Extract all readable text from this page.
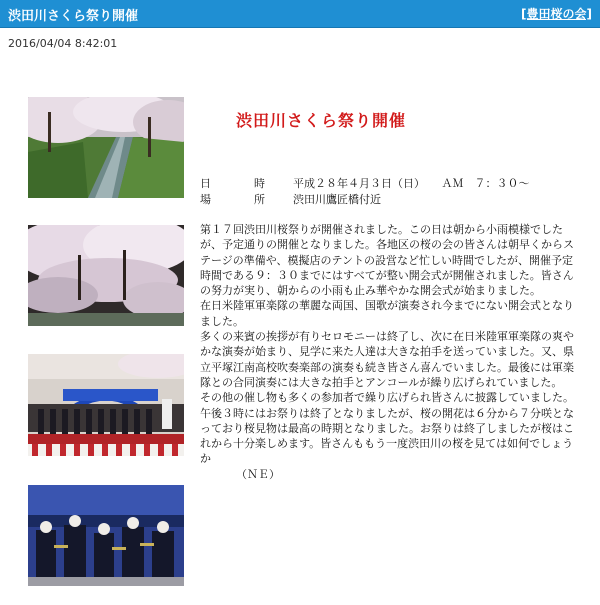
渋田川さくら祭り開催	[豊田桜の会]
2016/04/04 8:42:01
渋田川さくら祭り開催
日	時	平成２８年４月３日（日）　　ＡＭ　７：３０〜
場	所	渋田川鷹匠橋付近

第１７回渋田川桜祭りが開催されました。この日は朝から小雨模様でしたが、予定通りの開催となりました。各地区の桜の会の皆さんは朝早くからステージの準備や、模擬店のテントの設営など忙しい時間でしたが、開催予定時間である９：３０までにはすべてが整い開会式が開催されました。皆さんの努力が実り、朝からの小雨も止み華やかな開会式が始まりました。

在日米陸軍軍楽隊の華麗な両国、国歌が演奏され今までにない開会式となりました。

多くの来賓の挨拶が有りセロモニーは終了し、次に在日米陸軍軍楽隊の爽やかな演奏が始まり、見学に来た人達は大きな拍手を送っていました。又、県立平塚江南高校吹奏楽部の演奏も続き皆さん喜んでいました。最後には軍楽隊との合同演奏には大きな拍手とアンコールが繰り広げられていました。

その他の催し物も多くの参加者で繰り広げられ皆さんに披露していました。

午後３時にはお祭りは終了となりましたが、桜の開花は６分から７分咲となっており桜見物は最高の時期となりました。お祭りは終了しましたが桜はこれから十分楽しめます。皆さんももう一度渋田川の桜を見ては如何でしょうか

（ＮＥ）
